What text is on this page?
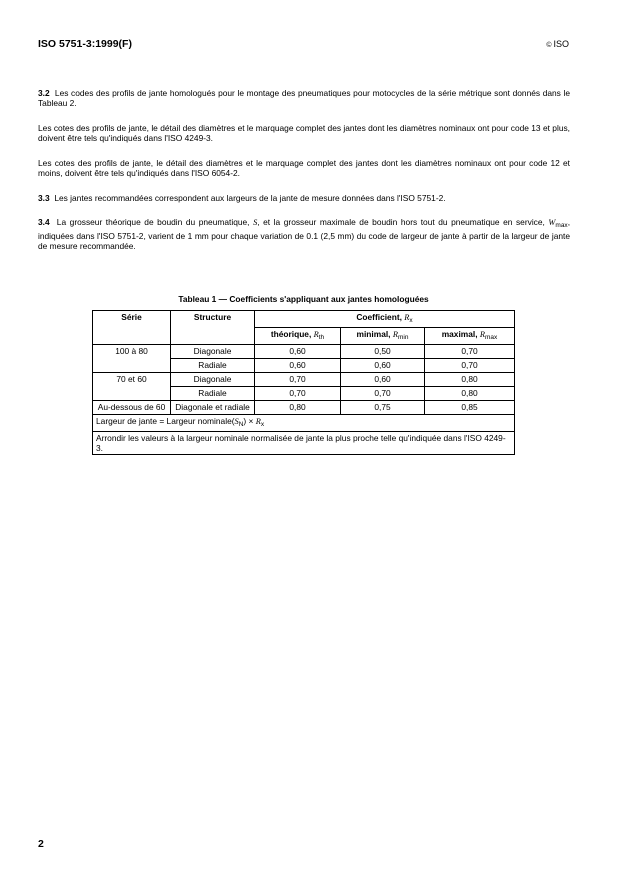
ISO 5751-3:1999(F)	© ISO
3.2 Les codes des profils de jante homologués pour le montage des pneumatiques pour motocycles de la série métrique sont donnés dans le Tableau 2.
Les cotes des profils de jante, le détail des diamètres et le marquage complet des jantes dont les diamètres nominaux ont pour code 13 et plus, doivent être tels qu'indiqués dans l'ISO 4249-3.
Les cotes des profils de jante, le détail des diamètres et le marquage complet des jantes dont les diamètres nominaux ont pour code 12 et moins, doivent être tels qu'indiqués dans l'ISO 6054-2.
3.3 Les jantes recommandées correspondent aux largeurs de la jante de mesure données dans l'ISO 5751-2.
3.4 La grosseur théorique de boudin du pneumatique, S, et la grosseur maximale de boudin hors tout du pneumatique en service, $W_{max}$, indiquées dans l'ISO 5751-2, varient de 1 mm pour chaque variation de 0.1 (2,5 mm) du code de largeur de jante à partir de la largeur de jante de mesure recommandée.
Tableau 1 — Coefficients s'appliquant aux jantes homologuées
Série	Structure	Coefficient, $R_x$
		théorique, $R_{th}$	minimal, $R_{min}$	maximal, $R_{max}$
100 à 80	Diagonale	0,60	0,50	0,70
	Radiale	0,60	0,60	0,70
70 et 60	Diagonale	0,70	0,60	0,80
	Radiale	0,70	0,70	0,80
Au-dessous de 60	Diagonale et radiale	0,80	0,75	0,85
Largeur de jante = Largeur $nominale(S_N) \times R_x$
Arrondir les valeurs à la largeur nominale normalisée de jante la plus proche telle qu'indiquée dans l'ISO 4249-3.				
2
